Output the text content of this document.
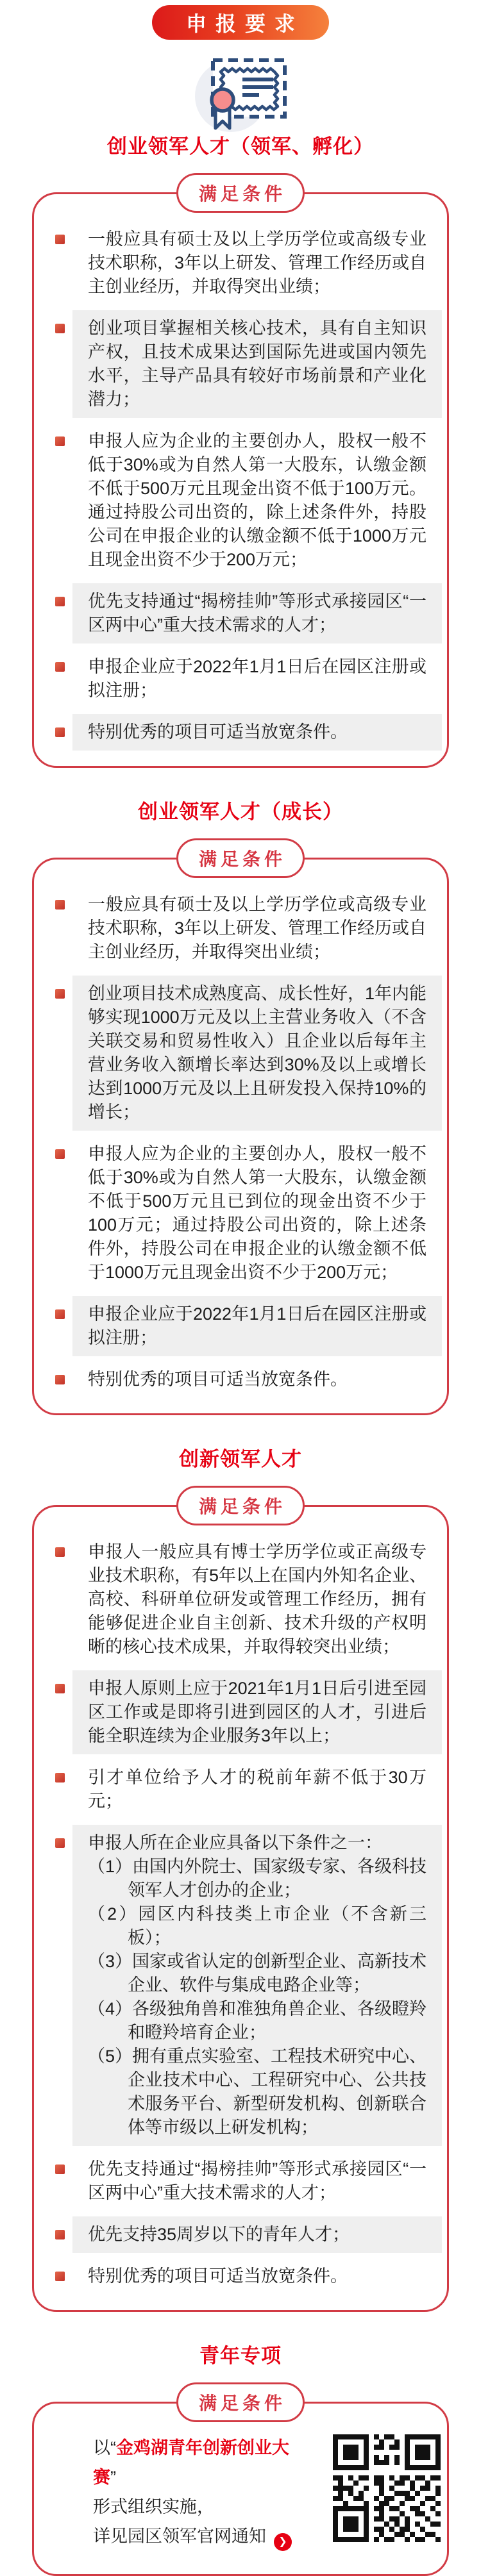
申报要求
创业领军人才（领军、孵化）
满足条件
一般应具有硕士及以上学历学位或高级专业技术职称，3年以上研发、管理工作经历或自主创业经历，并取得突出业绩；
创业项目掌握相关核心技术，具有自主知识产权，且技术成果达到国际先进或国内领先水平，主导产品具有较好市场前景和产业化潜力；
申报人应为企业的主要创办人，股权一般不低于30%或为自然人第一大股东，认缴金额不低于500万元且现金出资不低于100万元。通过持股公司出资的，除上述条件外，持股公司在申报企业的认缴金额不低于1000万元且现金出资不少于200万元；
优先支持通过“揭榜挂帅”等形式承接园区“一区两中心”重大技术需求的人才；
申报企业应于2022年1月1日后在园区注册或拟注册；
特别优秀的项目可适当放宽条件。
创业领军人才（成长）
满足条件
一般应具有硕士及以上学历学位或高级专业技术职称，3年以上研发、管理工作经历或自主创业经历，并取得突出业绩；
创业项目技术成熟度高、成长性好，1年内能够实现1000万元及以上主营业务收入（不含关联交易和贸易性收入）且企业以后每年主营业务收入额增长率达到30%及以上或增长达到1000万元及以上且研发投入保持10%的增长；
申报人应为企业的主要创办人，股权一般不低于30%或为自然人第一大股东，认缴金额不低于500万元且已到位的现金出资不少于100万元；通过持股公司出资的，除上述条件外，持股公司在申报企业的认缴金额不低于1000万元且现金出资不少于200万元；
申报企业应于2022年1月1日后在园区注册或拟注册；
特别优秀的项目可适当放宽条件。
创新领军人才
满足条件
申报人一般应具有博士学历学位或正高级专业技术职称，有5年以上在国内外知名企业、高校、科研单位研发或管理工作经历，拥有能够促进企业自主创新、技术升级的产权明晰的核心技术成果，并取得较突出业绩；
申报人原则上应于2021年1月1日后引进至园区工作或是即将引进到园区的人才，引进后能全职连续为企业服务3年以上；
引才单位给予人才的税前年薪不低于30万元；
申报人所在企业应具备以下条件之一：
（1）由国内外院士、国家级专家、各级科技领军人才创办的企业；
（2）园区内科技类上市企业（不含新三板）；
（3）国家或省认定的创新型企业、高新技术企业、软件与集成电路企业等；
（4）各级独角兽和准独角兽企业、各级瞪羚和瞪羚培育企业；
（5）拥有重点实验室、工程技术研究中心、企业技术中心、工程研究中心、公共技术服务平台、新型研发机构、创新联合体等市级以上研发机构；
优先支持通过“揭榜挂帅”等形式承接园区“一区两中心”重大技术需求的人才；
优先支持35周岁以下的青年人才；
特别优秀的项目可适当放宽条件。
青年专项
满足条件
以“金鸡湖青年创新创业大赛”
形式组织实施，
详见园区领军官网通知 ❯
